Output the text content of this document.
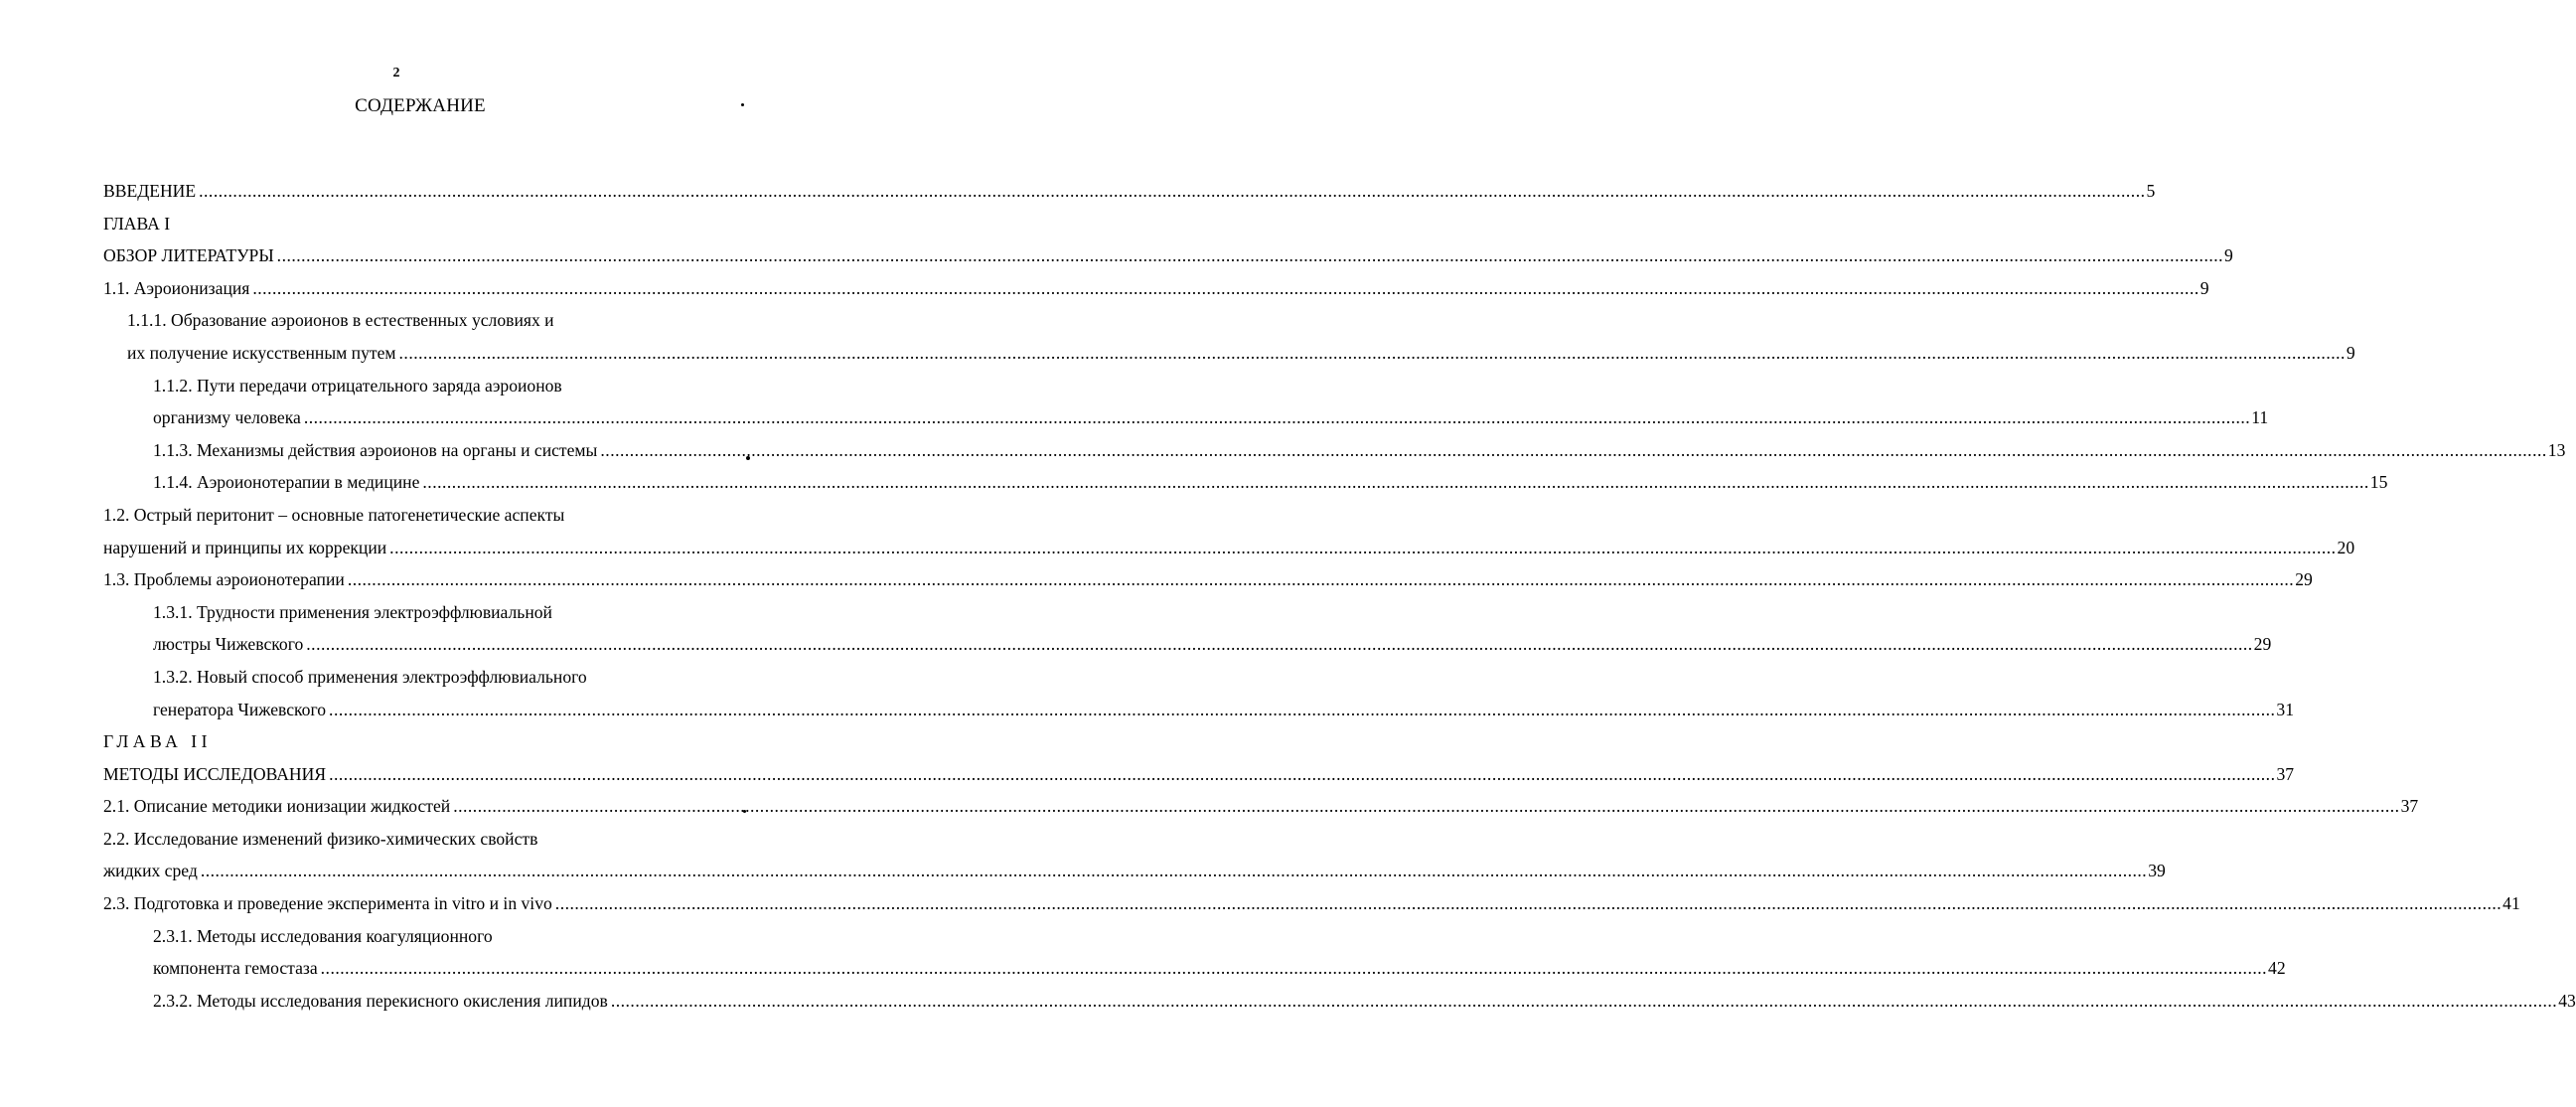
2
СОДЕРЖАНИЕ
ВВЕДЕНИЕ ................................................................................................................................................................................................................................................................................................................................................................................................................ 5
ГЛАВА I
ОБЗОР ЛИТЕРАТУРЫ ................................................................................................................................................................................................................................................................................................................................................................................................................ 9
1.1. Аэроионизация ................................................................................................................................................................................................................................................................................................................................................................................................................ 9
1.1.1. Образование аэроионов в естественных условиях и
их получение искусственным путем ................................................................................................................................................................................................................................................................................................................................................................................................................ 9
1.1.2. Пути передачи отрицательного заряда аэроионов
организму человека ................................................................................................................................................................................................................................................................................................................................................................................................................ 11
1.1.3. Механизмы действия аэроионов на органы и системы ................................................................................................................................................................................................................................................................................................................................................................................................................ 13
1.1.4. Аэроионотерапии в медицине ................................................................................................................................................................................................................................................................................................................................................................................................................ 15
1.2. Острый перитонит – основные патогенетические аспекты
нарушений и принципы их коррекции ................................................................................................................................................................................................................................................................................................................................................................................................................ 20
1.3. Проблемы аэроионотерапии ................................................................................................................................................................................................................................................................................................................................................................................................................ 29
1.3.1. Трудности применения электроэффлювиальной
люстры Чижевского ................................................................................................................................................................................................................................................................................................................................................................................................................ 29
1.3.2. Новый способ применения электроэффлювиального
генератора Чижевского ................................................................................................................................................................................................................................................................................................................................................................................................................ 31
ГЛАВА II
МЕТОДЫ ИССЛЕДОВАНИЯ ................................................................................................................................................................................................................................................................................................................................................................................................................ 37
2.1. Описание методики ионизации жидкостей ................................................................................................................................................................................................................................................................................................................................................................................................................ 37
2.2. Исследование изменений физико-химических свойств
жидких сред ................................................................................................................................................................................................................................................................................................................................................................................................................ 39
2.3. Подготовка и проведение эксперимента in vitro и in vivo ................................................................................................................................................................................................................................................................................................................................................................................................................ 41
2.3.1. Методы исследования коагуляционного
компонента гемостаза ................................................................................................................................................................................................................................................................................................................................................................................................................ 42
2.3.2. Методы исследования перекисного окисления липидов ................................................................................................................................................................................................................................................................................................................................................................................................................ 43
